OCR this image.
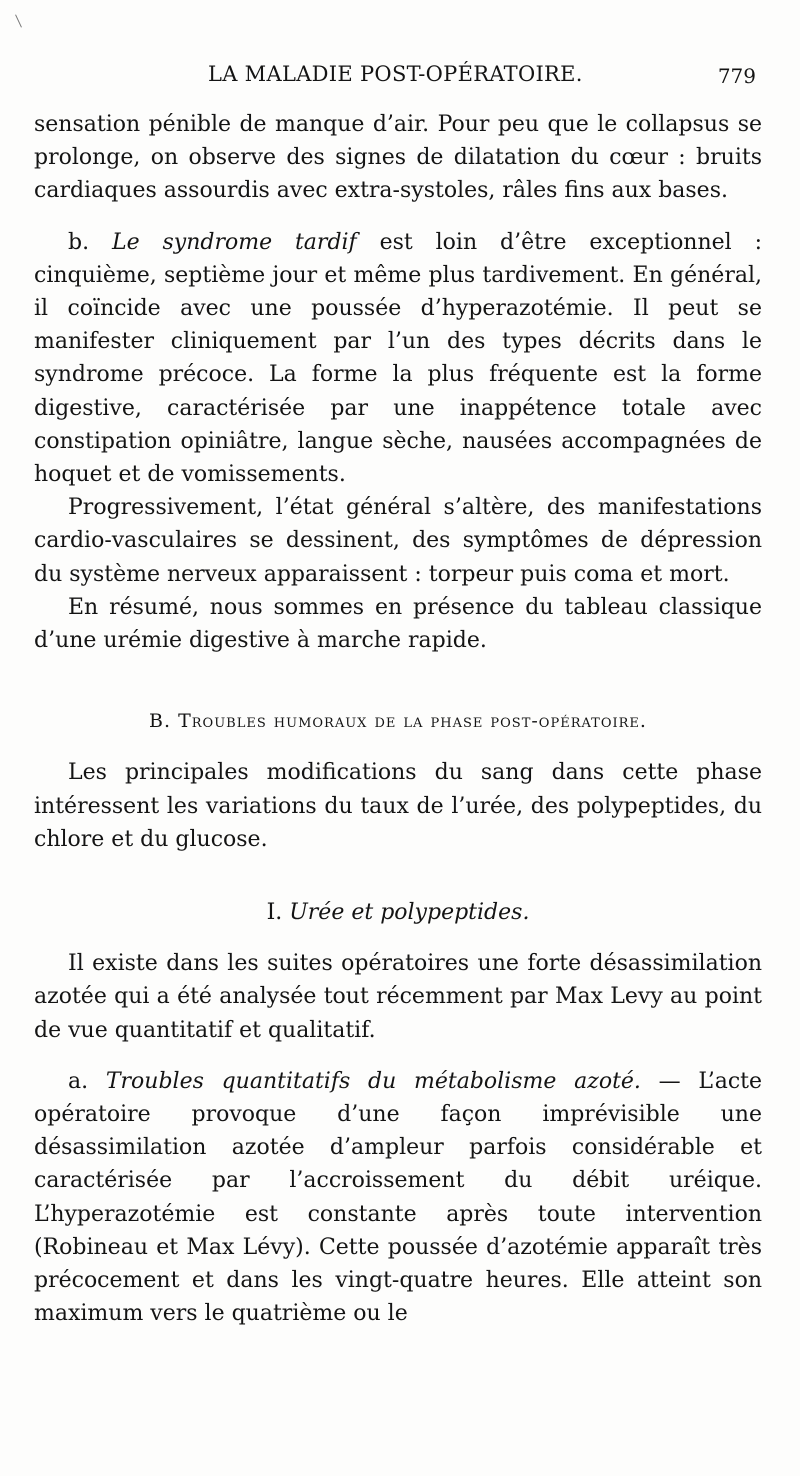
LA MALADIE POST-OPÉRATOIRE.	779

sensation pénible de manque d’air. Pour peu que le collapsus se prolonge, on observe des signes de dilatation du cœur : bruits cardiaques assourdis avec extra-systoles, râles fins aux bases.

b. Le syndrome tardif est loin d’être exceptionnel : cinquième, septième jour et même plus tardivement. En général, il coïncide avec une poussée d’hyperazotémie. Il peut se manifester cliniquement par l’un des types décrits dans le syndrome précoce. La forme la plus fréquente est la forme digestive, caractérisée par une inappétence totale avec constipation opiniâtre, langue sèche, nausées accompagnées de hoquet et de vomissements.

Progressivement, l’état général s’altère, des manifestations cardio-vasculaires se dessinent, des symptômes de dépression du système nerveux apparaissent : torpeur puis coma et mort.

En résumé, nous sommes en présence du tableau classique d’une urémie digestive à marche rapide.

B. Troubles humoraux de la phase post-opératoire.

Les principales modifications du sang dans cette phase intéressent les variations du taux de l’urée, des polypeptides, du chlore et du glucose.

I. Urée et polypeptides.

Il existe dans les suites opératoires une forte désassimilation azotée qui a été analysée tout récemment par Max Levy au point de vue quantitatif et qualitatif.

a. Troubles quantitatifs du métabolisme azoté. — L’acte opératoire provoque d’une façon imprévisible une désassimilation azotée d’ampleur parfois considérable et caractérisée par l’accroissement du débit uréique. L’hyperazotémie est constante après toute intervention (Robineau et Max Lévy). Cette poussée d’azotémie apparaît très précocement et dans les vingt-quatre heures. Elle atteint son maximum vers le quatrième ou le
